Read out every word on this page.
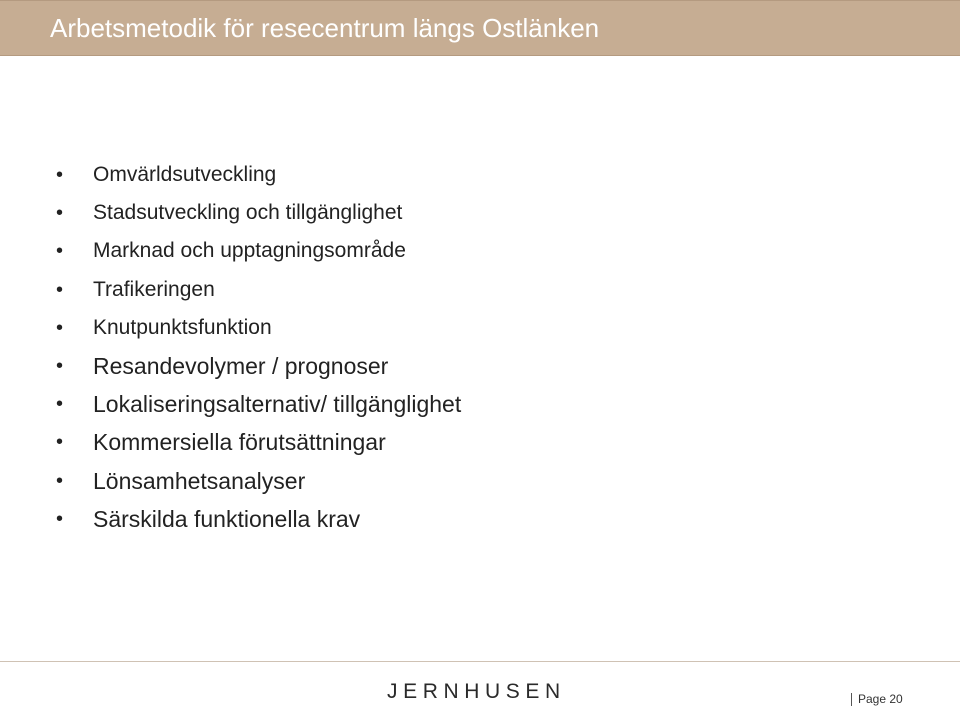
Arbetsmetodik för resecentrum längs Ostlänken
• Omvärldsutveckling
• Stadsutveckling och tillgänglighet
• Marknad och upptagningsområde
• Trafikeringen
• Knutpunktsfunktion
• Resandevolymer / prognoser
• Lokaliseringsalternativ/ tillgänglighet
• Kommersiella förutsättningar
• Lönsamhetsanalyser
• Särskilda funktionella krav
JERNHUSEN	Page 20
